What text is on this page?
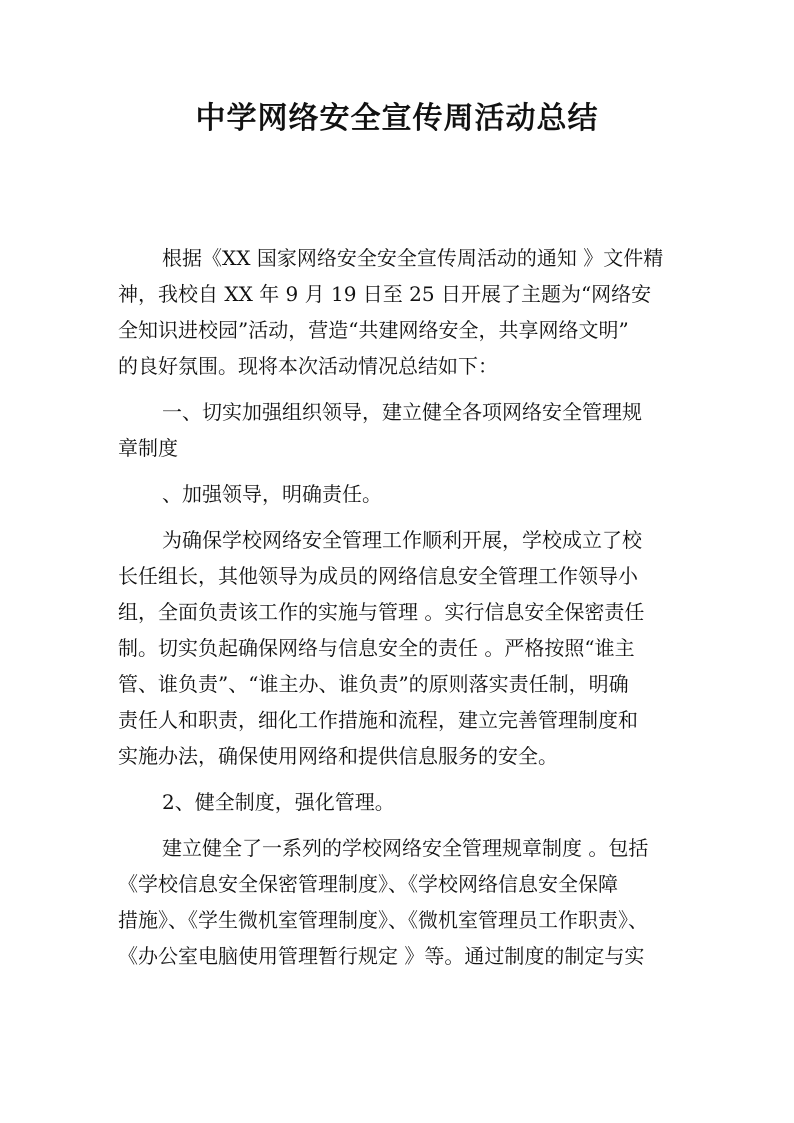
中学网络安全宣传周活动总结
根据《XX 国家网络安全安全宣传周活动的通知 》文件精
神，我校自 XX 年 9 月 19 日至 25 日开展了主题为“网络安
全知识进校园”活动，营造“共建网络安全，共享网络文明”
的良好氛围。现将本次活动情况总结如下：
一、切实加强组织领导，建立健全各项网络安全管理规
章制度
、加强领导，明确责任。
为确保学校网络安全管理工作顺利开展，学校成立了校
长任组长，其他领导为成员的网络信息安全管理工作领导小
组，全面负责该工作的实施与管理 。实行信息安全保密责任
制。切实负起确保网络与信息安全的责任 。严格按照“谁主
管、谁负责”、“谁主办、谁负责”的原则落实责任制，明确
责任人和职责，细化工作措施和流程，建立完善管理制度和
实施办法，确保使用网络和提供信息服务的安全。
2、健全制度，强化管理。
建立健全了一系列的学校网络安全管理规章制度 。包括
《学校信息安全保密管理制度》、《学校网络信息安全保障
措施》、《学生微机室管理制度》、《微机室管理员工作职责》、
《办公室电脑使用管理暂行规定 》等。通过制度的制定与实
